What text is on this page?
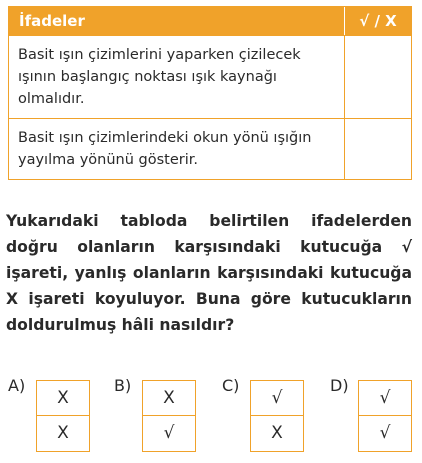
İfadeler	√ / X
Basit ışın çizimlerini yaparken çizilecek ışının başlangıç noktası ışık kaynağı olmalıdır.
Basit ışın çizimlerindeki okun yönü ışığın yayılma yönünü gösterir.
Yukarıdaki tabloda belirtilen ifadelerden doğru olanların karşısındaki kutucuğa √ işareti, yanlış olanların karşısındaki kutucuğa X işareti koyuluyor. Buna göre kutucukların doldurulmuş hâli nasıldır?
A)
X
X
B)
X
√
C)
√
X
D)
√
√
